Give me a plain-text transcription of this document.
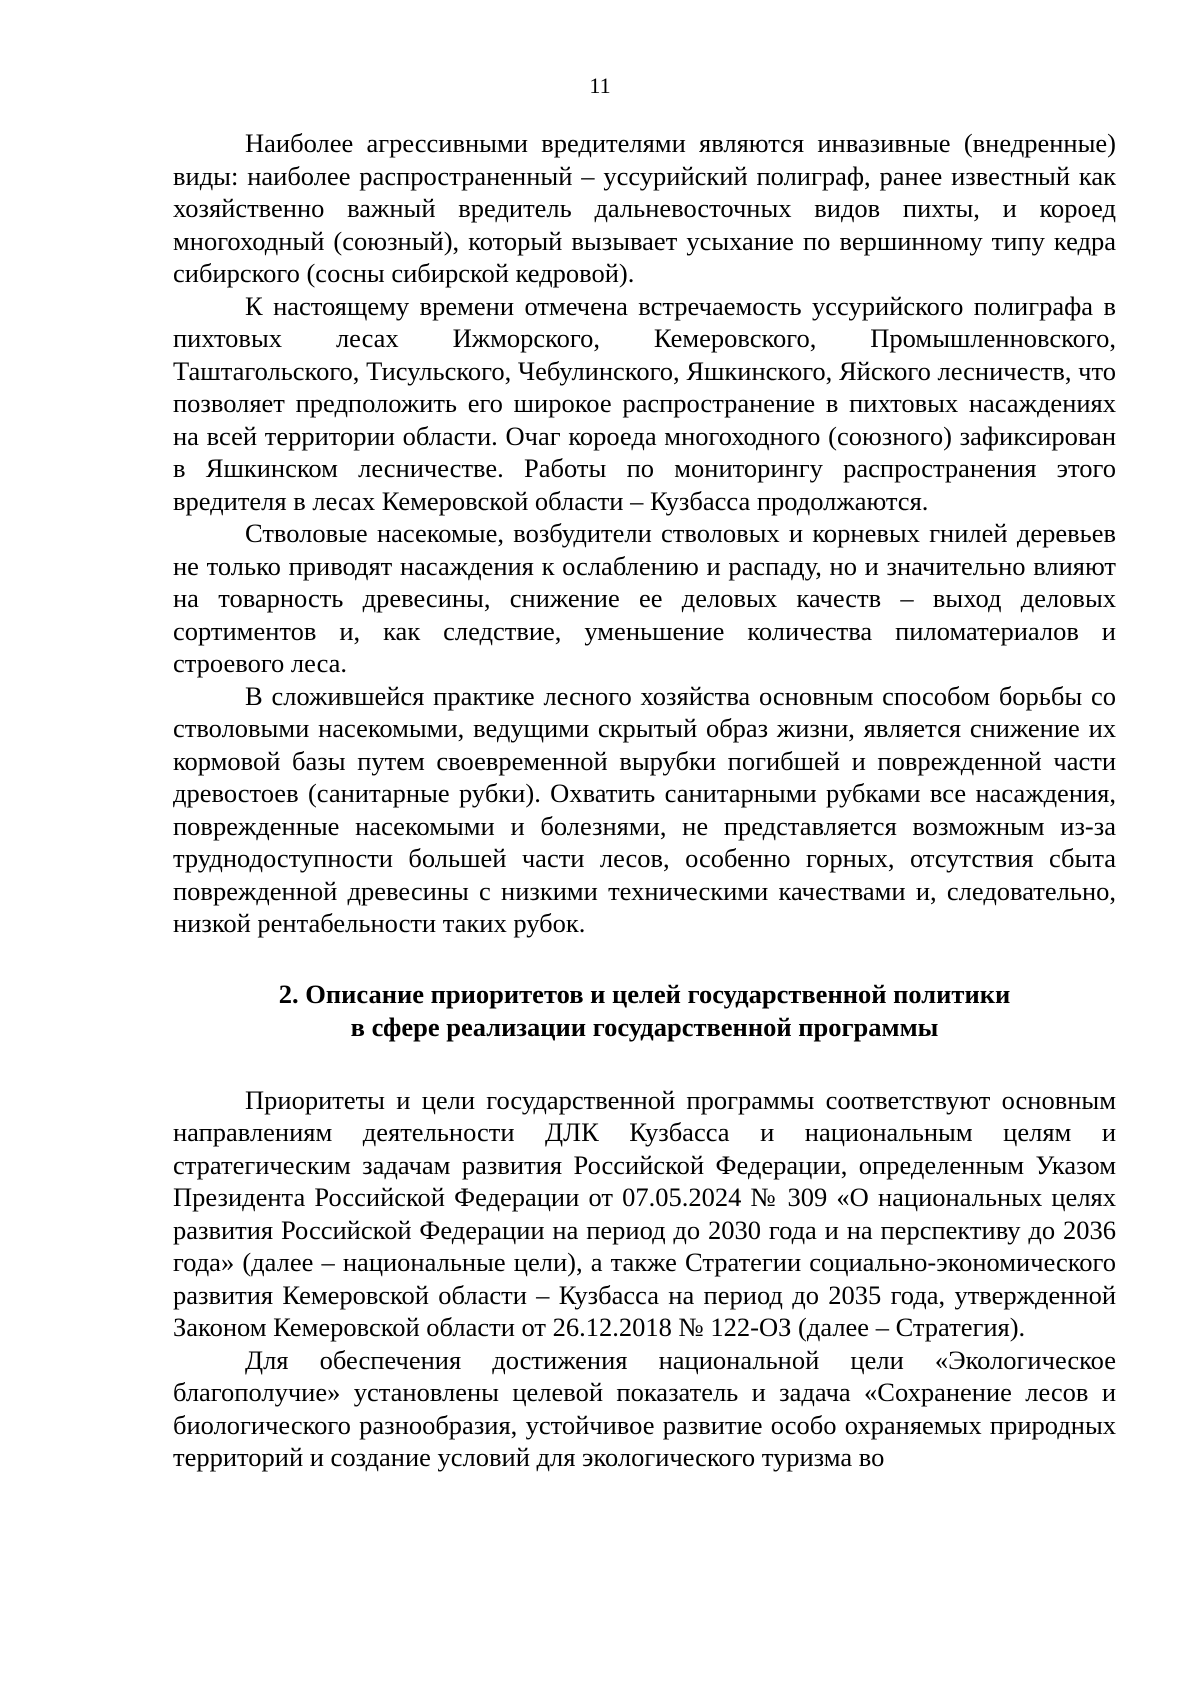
11

Наиболее агрессивными вредителями являются инвазивные (внедренные) виды: наиболее распространенный – уссурийский полиграф, ранее известный как хозяйственно важный вредитель дальневосточных видов пихты, и короед многоходный (союзный), который вызывает усыхание по вершинному типу кедра сибирского (сосны сибирской кедровой).

К настоящему времени отмечена встречаемость уссурийского полиграфа в пихтовых лесах Ижморского, Кемеровского, Промышленновского, Таштагольского, Тисульского, Чебулинского, Яшкинского, Яйского лесничеств, что позволяет предположить его широкое распространение в пихтовых насаждениях на всей территории области. Очаг короеда многоходного (союзного) зафиксирован в Яшкинском лесничестве. Работы по мониторингу распространения этого вредителя в лесах Кемеровской области – Кузбасса продолжаются.

Стволовые насекомые, возбудители стволовых и корневых гнилей деревьев не только приводят насаждения к ослаблению и распаду, но и значительно влияют на товарность древесины, снижение ее деловых качеств – выход деловых сортиментов и, как следствие, уменьшение количества пиломатериалов и строевого леса.

В сложившейся практике лесного хозяйства основным способом борьбы со стволовыми насекомыми, ведущими скрытый образ жизни, является снижение их кормовой базы путем своевременной вырубки погибшей и поврежденной части древостоев (санитарные рубки). Охватить санитарными рубками все насаждения, поврежденные насекомыми и болезнями, не представляется возможным из-за труднодоступности большей части лесов, особенно горных, отсутствия сбыта поврежденной древесины с низкими техническими качествами и, следовательно, низкой рентабельности таких рубок.

2. Описание приоритетов и целей государственной политики
в сфере реализации государственной программы

Приоритеты и цели государственной программы соответствуют основным направлениям деятельности ДЛК Кузбасса и национальным целям и стратегическим задачам развития Российской Федерации, определенным Указом Президента Российской Федерации от 07.05.2024 № 309 «О национальных целях развития Российской Федерации на период до 2030 года и на перспективу до 2036 года» (далее – национальные цели), а также Стратегии социально-экономического развития Кемеровской области – Кузбасса на период до 2035 года, утвержденной Законом Кемеровской области от 26.12.2018 № 122-ОЗ (далее – Стратегия).

Для обеспечения достижения национальной цели «Экологическое благополучие» установлены целевой показатель и задача «Сохранение лесов и биологического разнообразия, устойчивое развитие особо охраняемых природных территорий и создание условий для экологического туризма во
